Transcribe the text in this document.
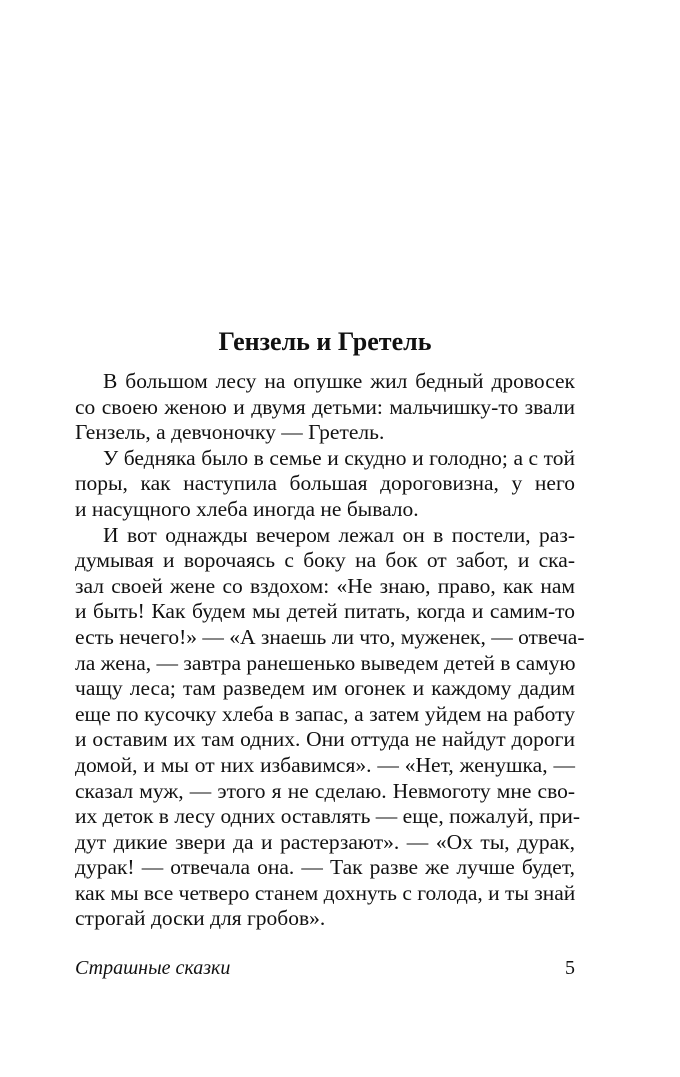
Гензель и Гретель
В большом лесу на опушке жил бедный дровосек
со своею женою и двумя детьми: мальчишку-то звали
Гензель, а девчоночку — Гретель.
У бедняка было в семье и скудно и голодно; а с той
поры, как наступила большая дороговизна, у него
и насущного хлеба иногда не бывало.
И вот однажды вечером лежал он в постели, раз-
думывая и ворочаясь с боку на бок от забот, и ска-
зал своей жене со вздохом: «Не знаю, право, как нам
и быть! Как будем мы детей питать, когда и самим-то
есть нечего!» — «А знаешь ли что, муженек, — отвеча-
ла жена, — завтра ранешенько выведем детей в самую
чащу леса; там разведем им огонек и каждому дадим
еще по кусочку хлеба в запас, а затем уйдем на работу
и оставим их там одних. Они оттуда не найдут дороги
домой, и мы от них избавимся». — «Нет, женушка, —
сказал муж, — этого я не сделаю. Невмоготу мне сво-
их деток в лесу одних оставлять — еще, пожалуй, при-
дут дикие звери да и растерзают». — «Ох ты, дурак,
дурак! — отвечала она. — Так разве же лучше будет,
как мы все четверо станем дохнуть с голода, и ты знай
строгай доски для гробов».
Страшные сказки	5
